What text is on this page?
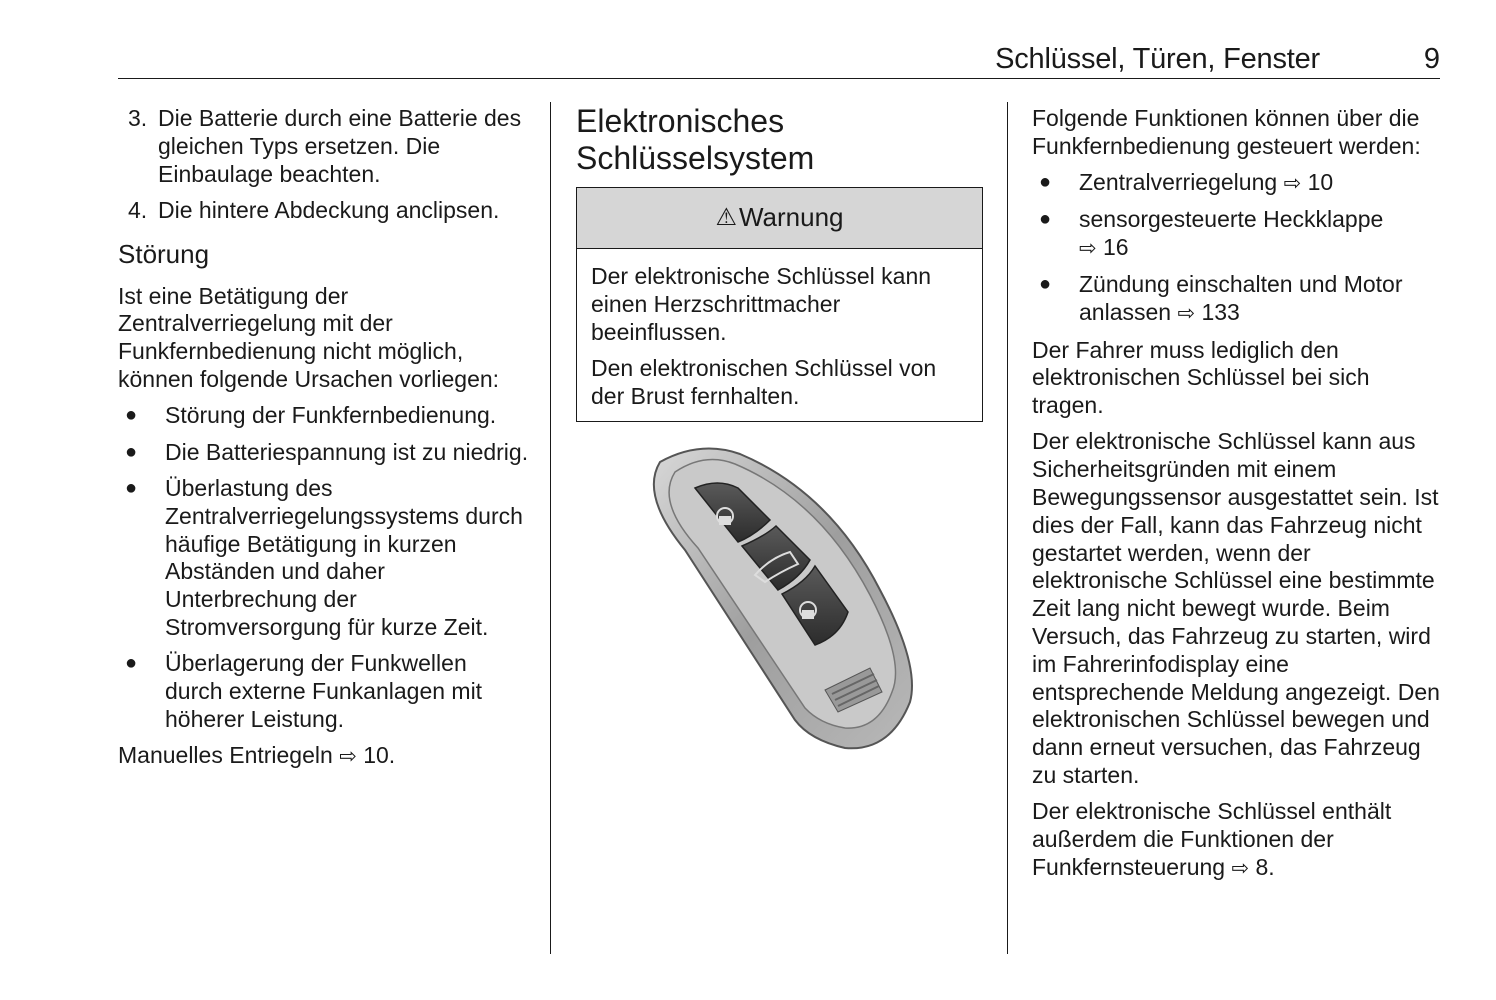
Schlüssel, Türen, Fenster	9
3. Die Batterie durch eine Batterie des gleichen Typs ersetzen. Die Einbaulage beachten.
4. Die hintere Abdeckung anclipsen.
Störung

Ist eine Betätigung der Zentralverriegelung mit der Funkfernbedienung nicht möglich, können folgende Ursachen vorliegen:

● Störung der Funkfernbedienung.
● Die Batteriespannung ist zu niedrig.
● Überlastung des Zentralverriegelungssystems durch häufige Betätigung in kurzen Abständen und daher Unterbrechung der Stromversorgung für kurze Zeit.
● Überlagerung der Funkwellen durch externe Funkanlagen mit höherer Leistung.

Manuelles Entriegeln ⇨ 10.

Elektronisches
Schlüsselsystem
⚠ Warnung

Der elektronische Schlüssel kann einen Herzschrittmacher beeinflussen.

Den elektronischen Schlüssel von der Brust fernhalten.

Folgende Funktionen können über die Funkfernbedienung gesteuert werden:

● Zentralverriegelung ⇨ 10
● sensorgesteuerte Heckklappe
⇨ 16
● Zündung einschalten und Motor anlassen ⇨ 133

Der Fahrer muss lediglich den elektronischen Schlüssel bei sich tragen.

Der elektronische Schlüssel kann aus Sicherheitsgründen mit einem Bewegungssensor ausgestattet sein. Ist dies der Fall, kann das Fahrzeug nicht gestartet werden, wenn der elektronische Schlüssel eine bestimmte Zeit lang nicht bewegt wurde. Beim Versuch, das Fahrzeug zu starten, wird im Fahrerinfodisplay eine entsprechende Meldung angezeigt. Den elektronischen Schlüssel bewegen und dann erneut versuchen, das Fahrzeug zu starten.

Der elektronische Schlüssel enthält außerdem die Funktionen der Funkfernsteuerung ⇨ 8.
